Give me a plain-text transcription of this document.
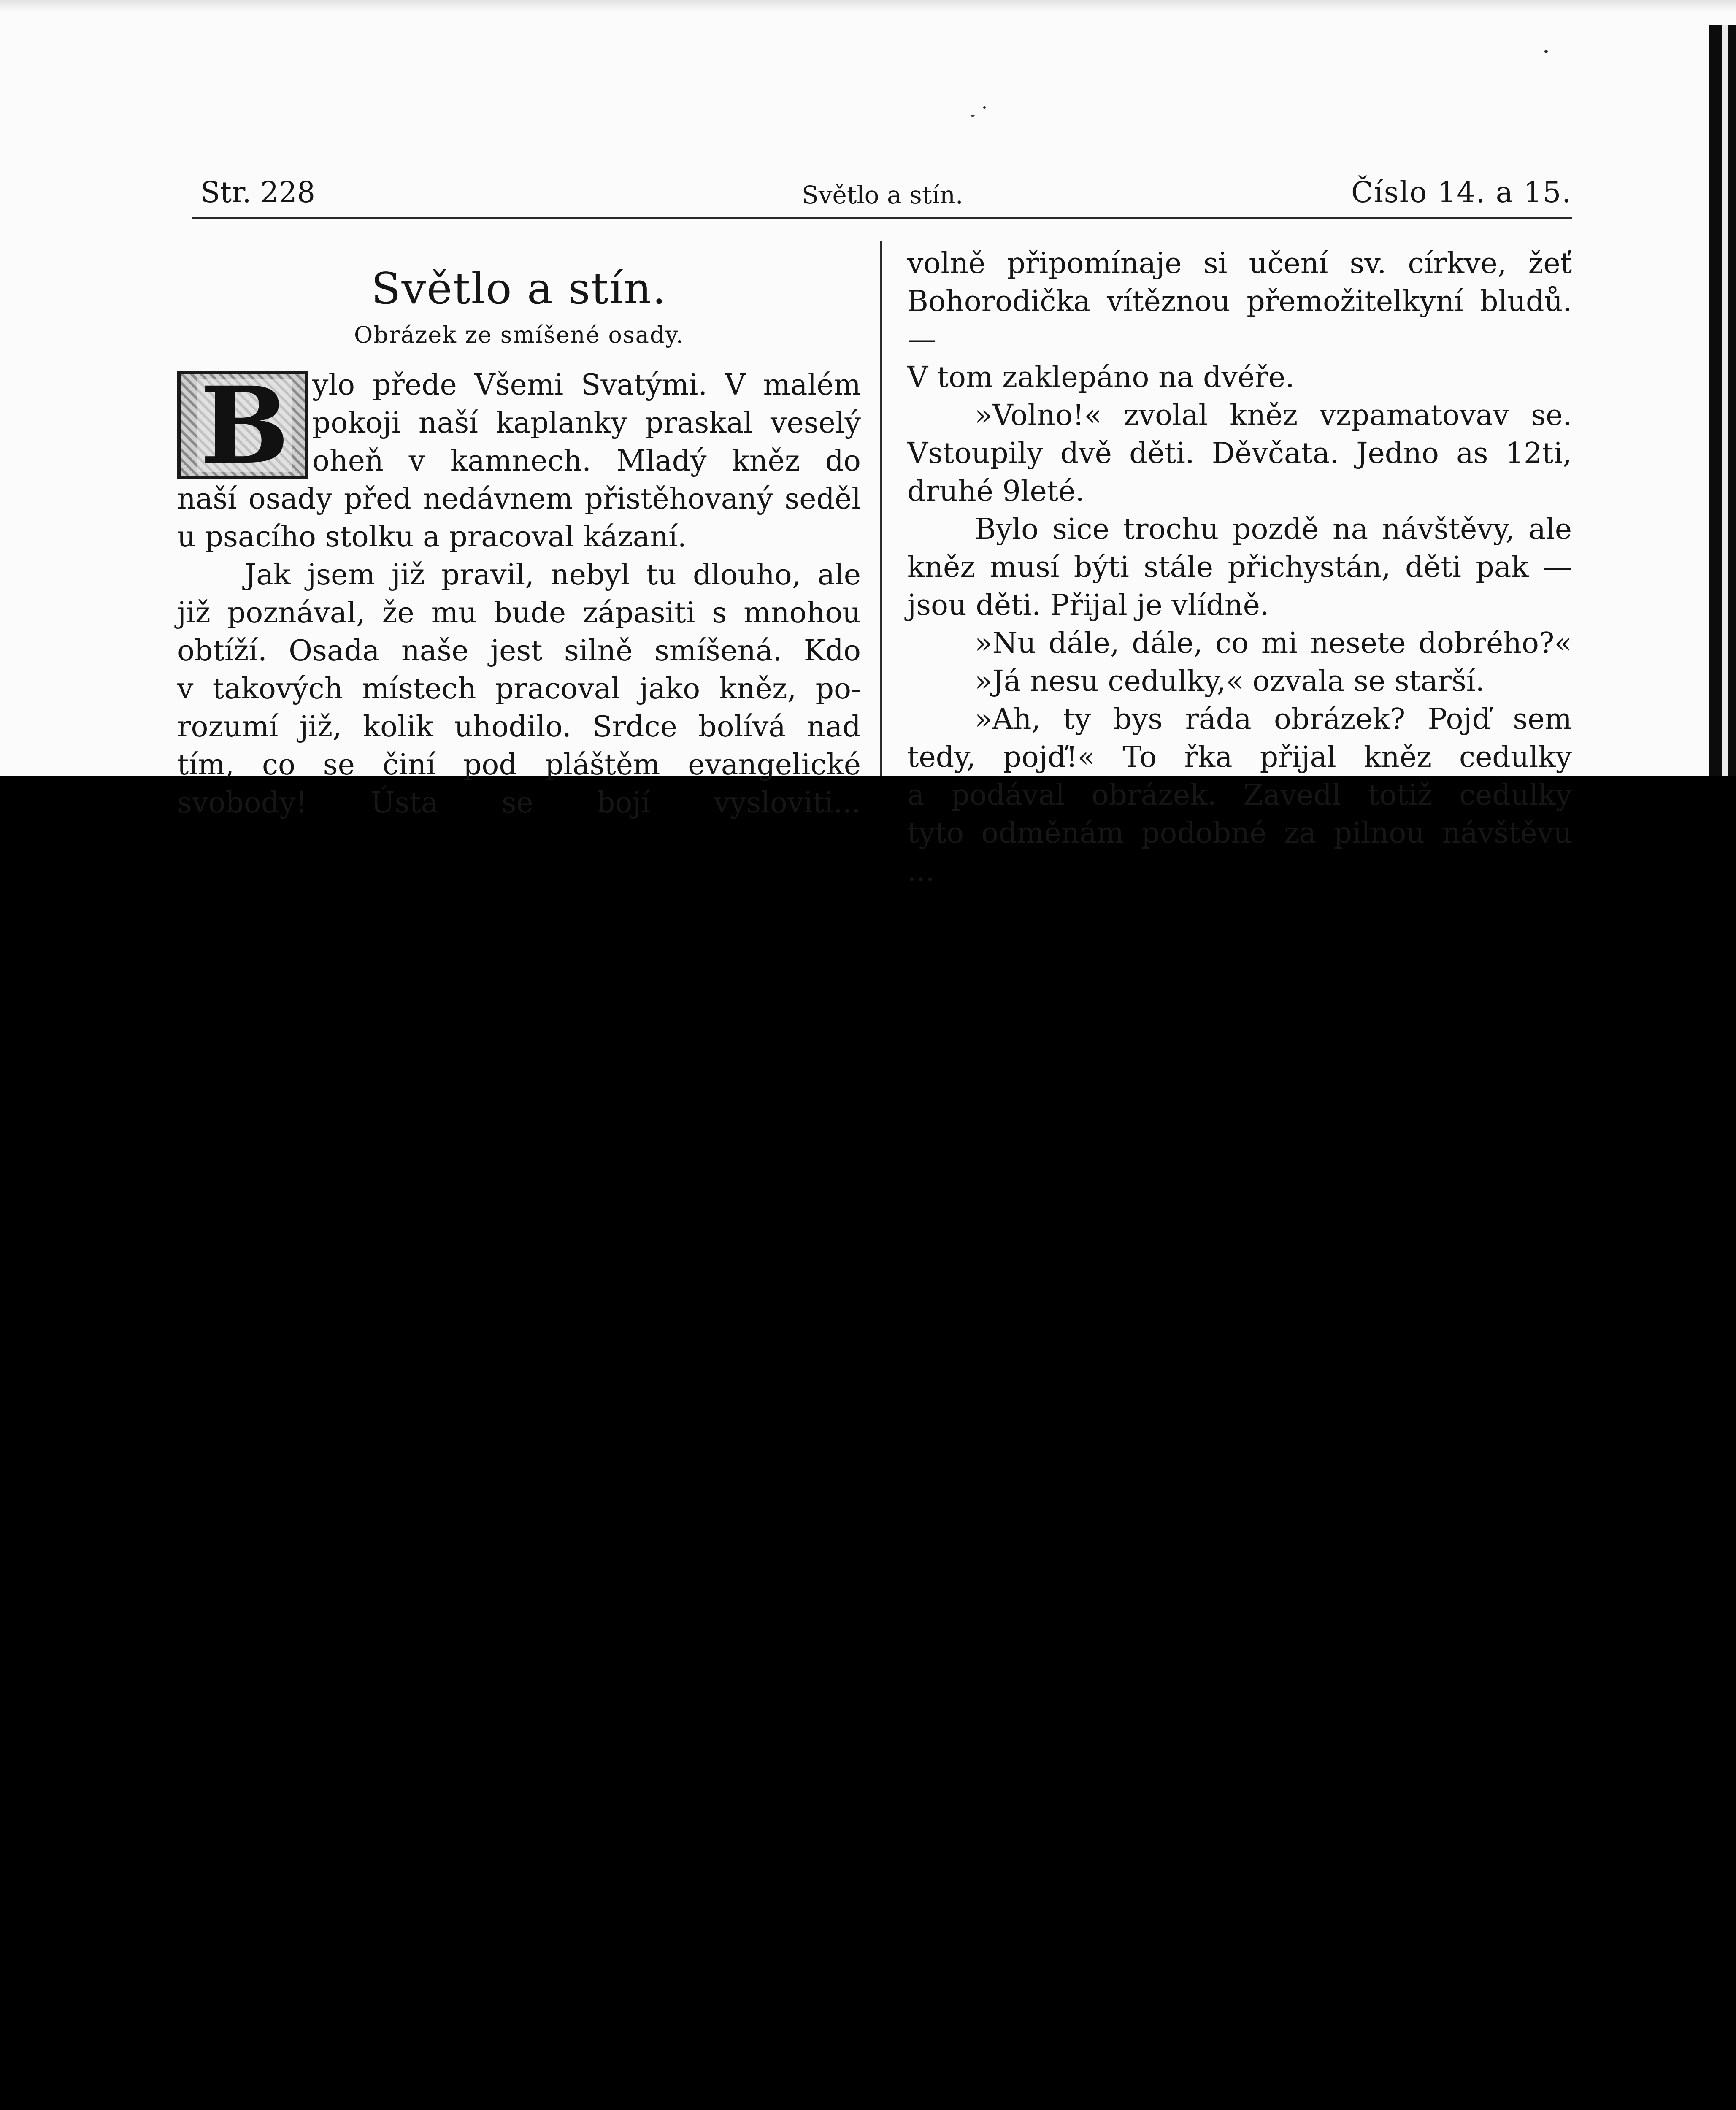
Str. 228	Světlo a stín.	Číslo 14. a 15.
Světlo a stín.
Obrázek ze smíšené osady.
B ylo přede Všemi Svatými. V malém

pokoji naší kaplanky praskal veselý

oheň v kamnech. Mladý kněz do

naší osady před nedávnem přistěhovaný seděl

u psacího stolku a pracoval kázaní.

Jak jsem již pravil, nebyl tu dlouho, ale

již poznával, že mu bude zápasiti s mnohou

obtíží. Osada naše jest silně smíšená. Kdo

v takových místech pracoval jako kněz, po-

rozumí již, kolik uhodilo. Srdce bolívá nad

tím, co se činí pod pláštěm evangelické

svobody! Ústa se bojí vysloviti...

volně připomínaje si učení sv. církve, žeť

Bohorodička vítěznou přemožitelkyní bludů. —

V tom zaklepáno na dvéře.

»Volno!« zvolal kněz vzpamatovav se.

Vstoupily dvě děti. Děvčata. Jedno as 12ti,

druhé 9leté.

Bylo sice trochu pozdě na návštěvy, ale

kněz musí býti stále přichystán, děti pak —

jsou děti. Přijal je vlídně.

»Nu dále, dále, co mi nesete dobrého?«

»Já nesu cedulky,« ozvala se starší.

»Ah, ty bys ráda obrázek? Pojď sem

tedy, pojď!« To řka přijal kněz cedulky

a podával obrázek. Zavedl totiž cedulky

tyto odměnám podobné za pilnou návštěvu

...
